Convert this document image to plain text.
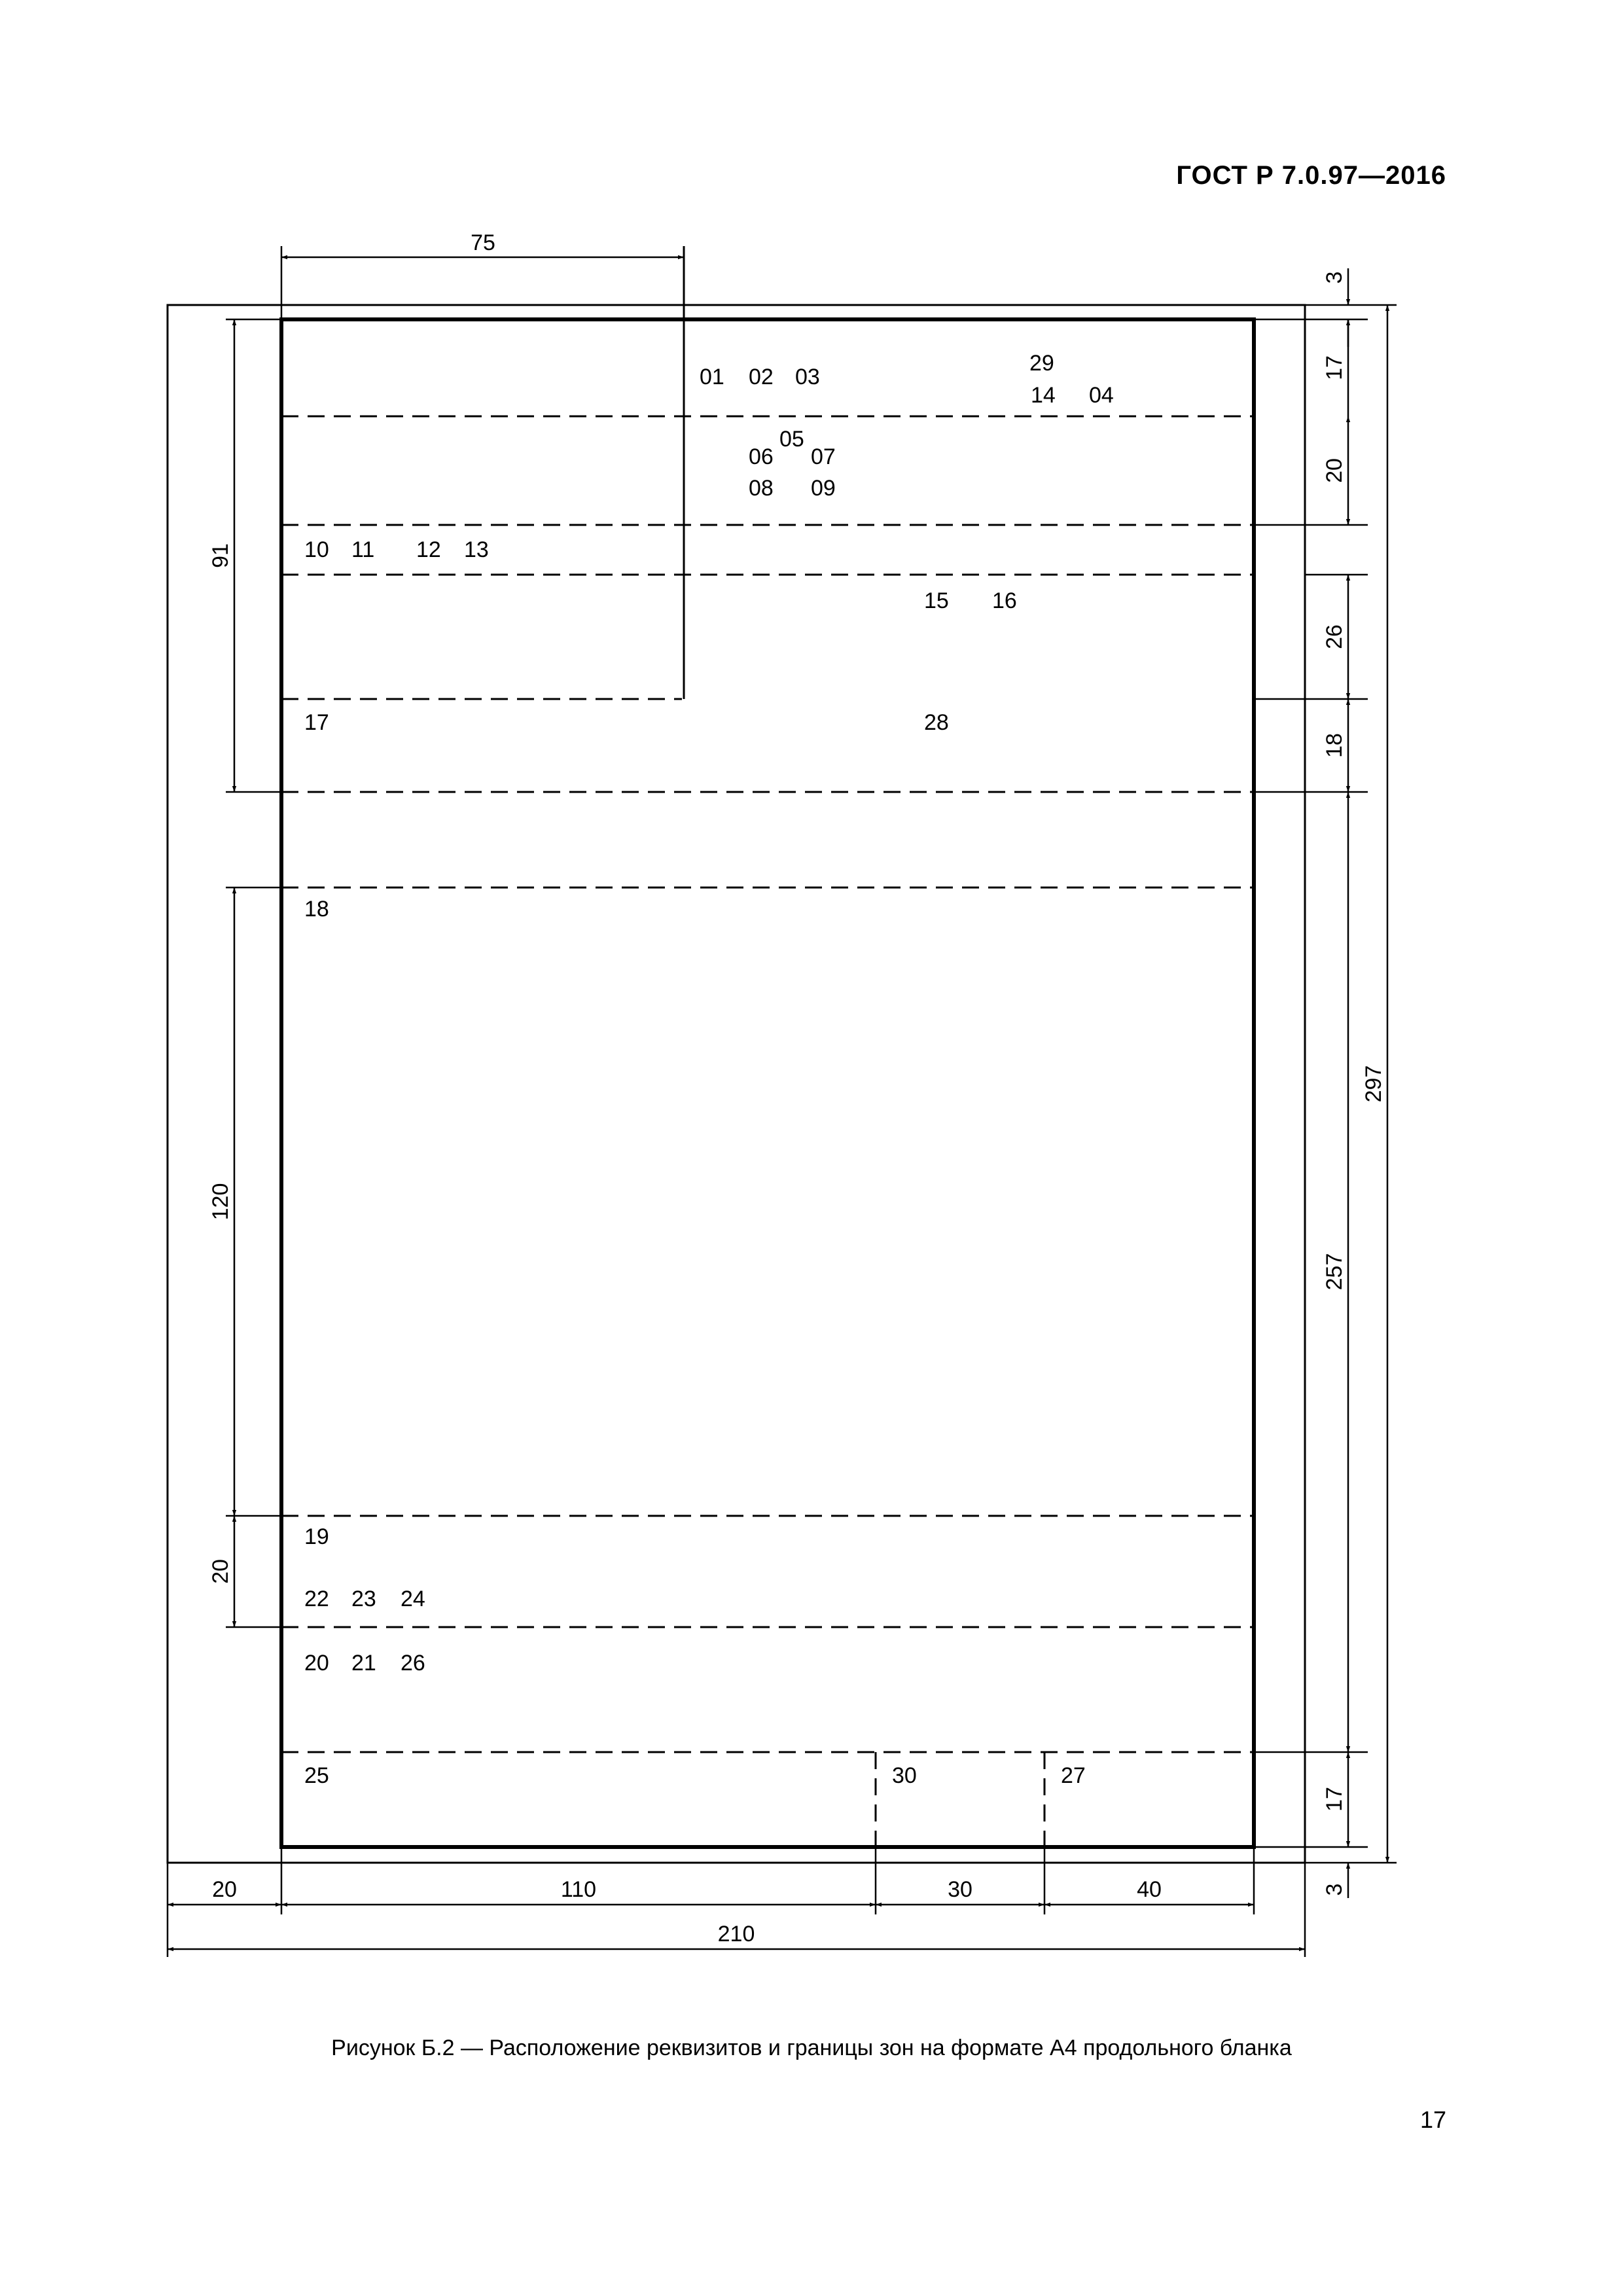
ГОСТ Р 7.0.97—2016
01 02 03
29
14 04
05
06 07
08 09
10 11 12 13
15 16
17	28
18
19
22 23 24
20 21 26
25	30	27
75
91
120
20
3
17
20
26
18
257
297
17
3
20	110	30	40
210
Рисунок Б.2 — Расположение реквизитов и границы зон на формате А4 продольного бланка
17
